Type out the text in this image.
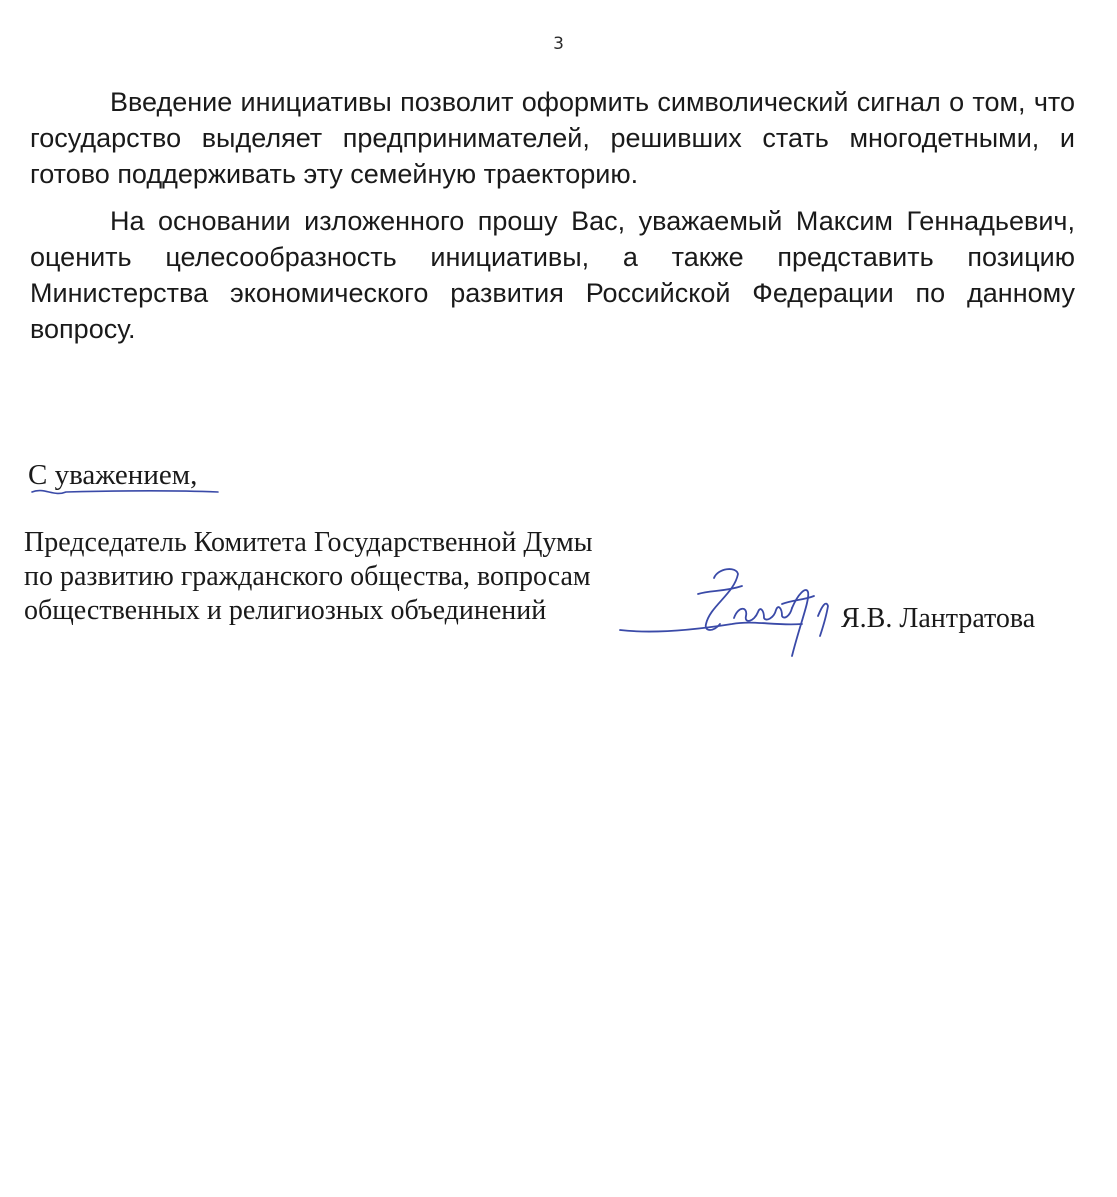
3

Введение инициативы позволит оформить символический сигнал о том, что государство выделяет предпринимателей, решивших стать многодетными, и готово поддерживать эту семейную траекторию.

На основании изложенного прошу Вас, уважаемый Максим Геннадьевич, оценить целесообразность инициативы, а также представить позицию Министерства экономического развития Российской Федерации по данному вопросу.

С уважением,
Председатель Комитета Государственной Думы
по развитию гражданского общества, вопросам
общественных и религиозных объединений	Я.В. Лантратова
